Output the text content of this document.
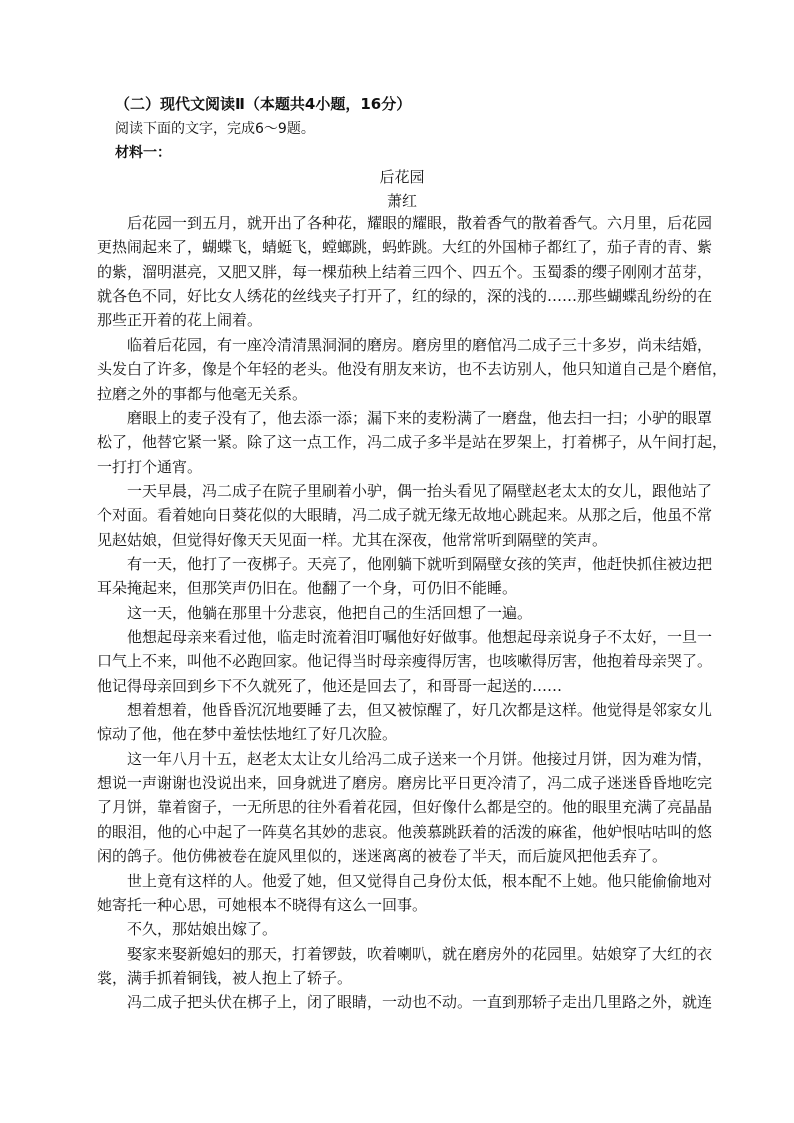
（二）现代文阅读Ⅱ（本题共4小题，16分）
阅读下面的文字，完成6～9题。
材料一：
后花园
萧红
　　后花园一到五月，就开出了各种花，耀眼的耀眼，散着香气的散着香气。六月里，后花园
更热闹起来了，蝴蝶飞，蜻蜓飞，螳螂跳，蚂蚱跳。大红的外国柿子都红了，茄子青的青、紫
的紫，溜明湛亮，又肥又胖，每一棵茄秧上结着三四个、四五个。玉蜀黍的缨子刚刚才茁芽，
就各色不同，好比女人绣花的丝线夹子打开了，红的绿的，深的浅的……那些蝴蝶乱纷纷的在
那些正开着的花上闹着。
　　临着后花园，有一座冷清清黑洞洞的磨房。磨房里的磨倌冯二成子三十多岁，尚未结婚，
头发白了许多，像是个年轻的老头。他没有朋友来访，也不去访别人，他只知道自己是个磨倌，
拉磨之外的事都与他毫无关系。
　　磨眼上的麦子没有了，他去添一添；漏下来的麦粉满了一磨盘，他去扫一扫；小驴的眼罩
松了，他替它紧一紧。除了这一点工作，冯二成子多半是站在罗架上，打着梆子，从午间打起，
一打打个通宵。
　　一天早晨，冯二成子在院子里刷着小驴，偶一抬头看见了隔壁赵老太太的女儿，跟他站了
个对面。看着她向日葵花似的大眼睛，冯二成子就无缘无故地心跳起来。从那之后，他虽不常
见赵姑娘，但觉得好像天天见面一样。尤其在深夜，他常常听到隔壁的笑声。
　　有一天，他打了一夜梆子。天亮了，他刚躺下就听到隔壁女孩的笑声，他赶快抓住被边把
耳朵掩起来，但那笑声仍旧在。他翻了一个身，可仍旧不能睡。
　　这一天，他躺在那里十分悲哀，他把自己的生活回想了一遍。
　　他想起母亲来看过他，临走时流着泪叮嘱他好好做事。他想起母亲说身子不太好，一旦一
口气上不来，叫他不必跑回家。他记得当时母亲瘦得厉害，也咳嗽得厉害，他抱着母亲哭了。
他记得母亲回到乡下不久就死了，他还是回去了，和哥哥一起送的……
　　想着想着，他昏昏沉沉地要睡了去，但又被惊醒了，好几次都是这样。他觉得是邻家女儿
惊动了他，他在梦中羞怯怯地红了好几次脸。
　　这一年八月十五，赵老太太让女儿给冯二成子送来一个月饼。他接过月饼，因为难为情，
想说一声谢谢也没说出来，回身就进了磨房。磨房比平日更冷清了，冯二成子迷迷昏昏地吃完
了月饼，靠着窗子，一无所思的往外看着花园，但好像什么都是空的。他的眼里充满了亮晶晶
的眼泪，他的心中起了一阵莫名其妙的悲哀。他羡慕跳跃着的活泼的麻雀，他妒恨咕咕叫的悠
闲的鸽子。他仿佛被卷在旋风里似的，迷迷离离的被卷了半天，而后旋风把他丢弃了。
　　世上竟有这样的人。他爱了她，但又觉得自己身份太低，根本配不上她。他只能偷偷地对
她寄托一种心思，可她根本不晓得有这么一回事。
　　不久，那姑娘出嫁了。
　　娶家来娶新媳妇的那天，打着锣鼓，吹着喇叭，就在磨房外的花园里。姑娘穿了大红的衣
裳，满手抓着铜钱，被人抱上了轿子。
　　冯二成子把头伏在梆子上，闭了眼睛，一动也不动。一直到那轿子走出几里路之外，就连
